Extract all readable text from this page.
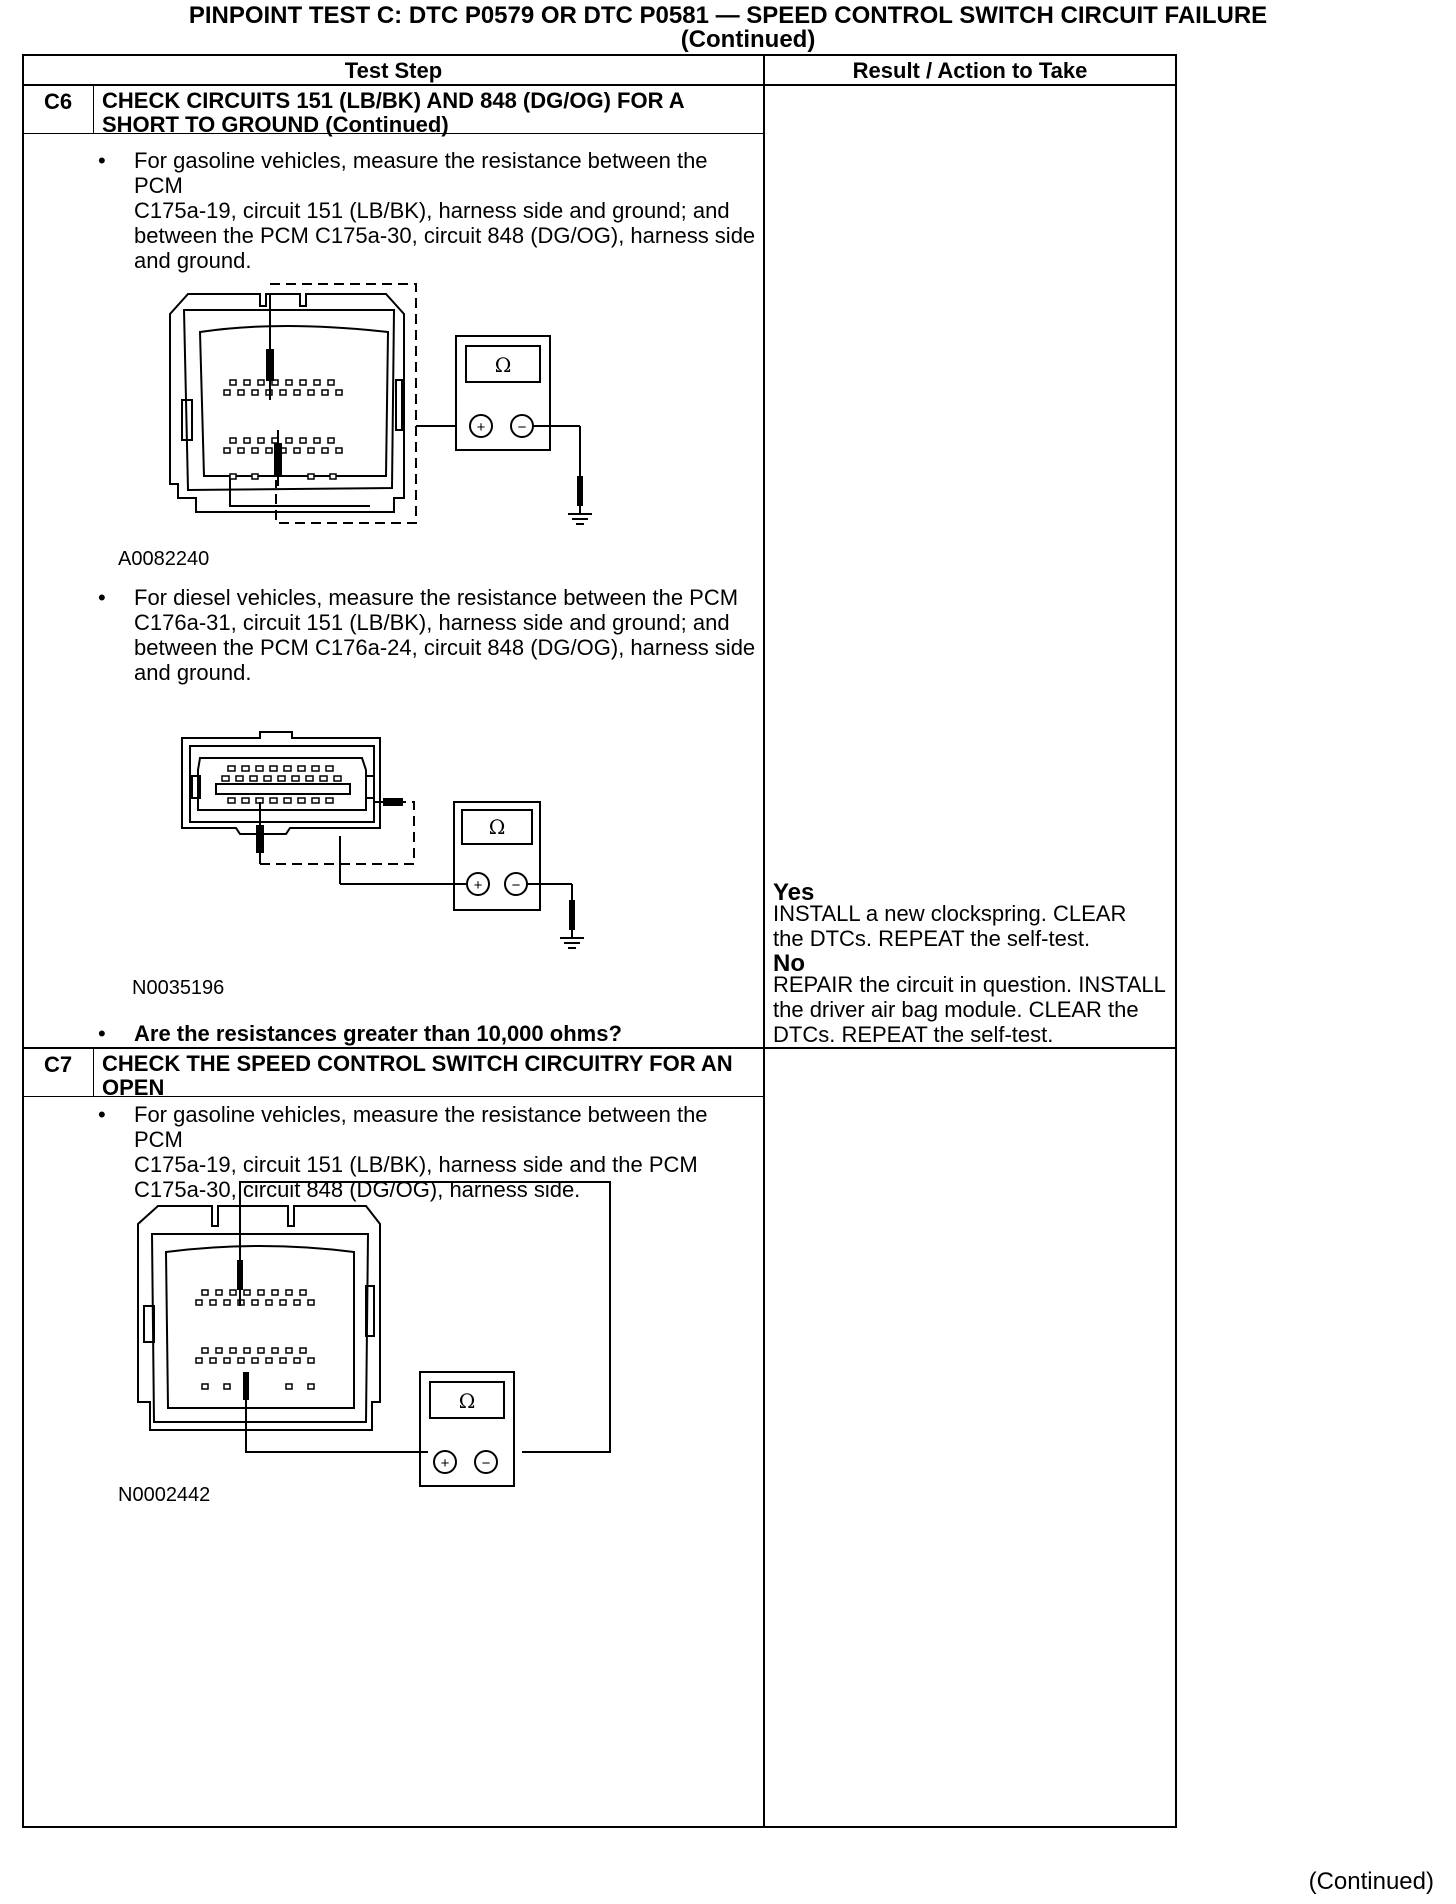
PINPOINT TEST C: DTC P0579 OR DTC P0581 — SPEED CONTROL SWITCH CIRCUIT FAILURE
(Continued)
Test Step	Result / Action to Take
C6 CHECK CIRCUITS 151 (LB/BK) AND 848 (DG/OG) FOR A
SHORT TO GROUND (Continued)
• For gasoline vehicles, measure the resistance between the PCM
C175a-19, circuit 151 (LB/BK), harness side and ground; and
between the PCM C175a-30, circuit 848 (DG/OG), harness side
and ground.
Ω
+ −
A0082240
• For diesel vehicles, measure the resistance between the PCM
C176a-31, circuit 151 (LB/BK), harness side and ground; and
between the PCM C176a-24, circuit 848 (DG/OG), harness side
and ground.
Ω
+ −
N0035196
• Are the resistances greater than 10,000 ohms?
Yes
INSTALL a new clockspring. CLEAR
the DTCs. REPEAT the self-test.
No
REPAIR the circuit in question. INSTALL
the driver air bag module. CLEAR the
DTCs. REPEAT the self-test.
C7 CHECK THE SPEED CONTROL SWITCH CIRCUITRY FOR AN
OPEN
• For gasoline vehicles, measure the resistance between the PCM
C175a-19, circuit 151 (LB/BK), harness side and the PCM
C175a-30, circuit 848 (DG/OG), harness side.
Ω
+ −
N0002442
(Continued)
